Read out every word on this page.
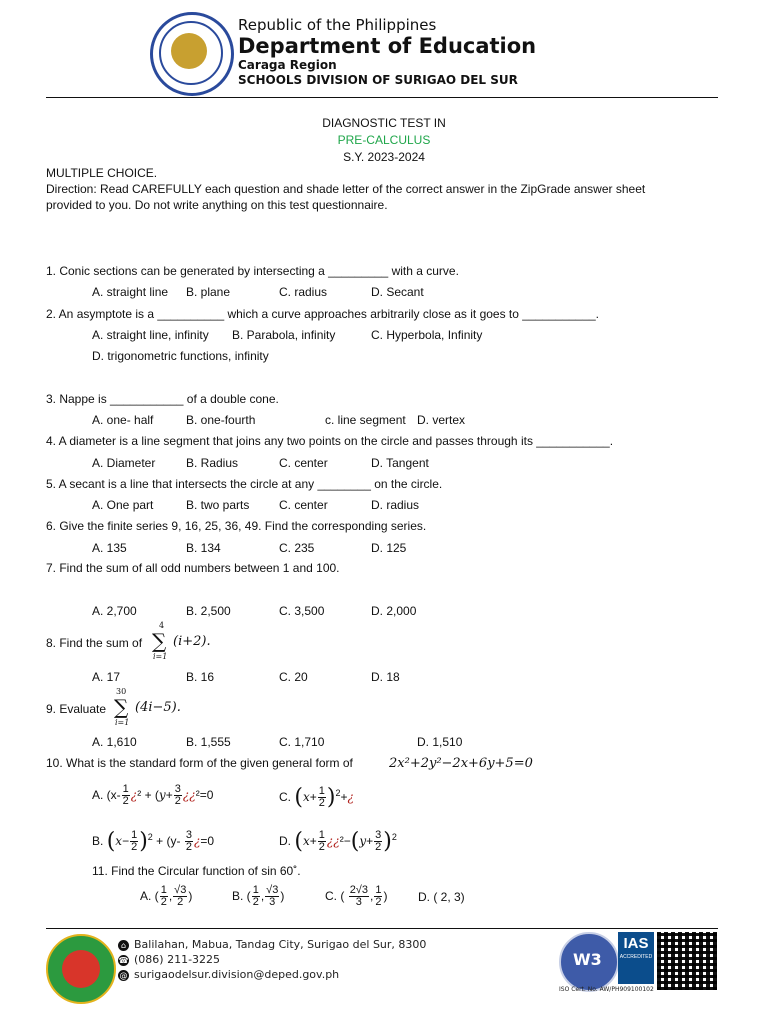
Republic of the Philippines
Department of Education
Caraga Region
SCHOOLS DIVISION OF SURIGAO DEL SUR
DIAGNOSTIC TEST IN
PRE-CALCULUS
S.Y. 2023-2024
MULTIPLE CHOICE.
Direction: Read CAREFULLY each question and shade letter of the correct answer in the ZipGrade answer sheet
provided to you. Do not write anything on this test questionnaire.
1. Conic sections can be generated by intersecting a _________ with a curve.
A. straight line B. plane	C. radius	D. Secant
2. An asymptote is a __________ which a curve approaches arbitrarily close as it goes to ___________.
A. straight line, infinity B. Parabola, infinity	C. Hyperbola, Infinity
D. trigonometric functions, infinity
3. Nappe is ___________ of a double cone.
A. one- half	B. one-fourth	c. line segment D. vertex
4. A diameter is a line segment that joins any two points on the circle and passes through its ___________.
A. Diameter	B. Radius	C. center	D. Tangent
5. A secant is a line that intersects the circle at any ________ on the circle.
A. One part	B. two parts C. center	D. radius
6. Give the finite series 9, 16, 25, 36, 49. Find the corresponding series.
A. 135	B. 134	C. 235	D. 125
7. Find the sum of all odd numbers between 1 and 100.
A. 2,700	B. 2,500	C. 3,500	D. 2,000
8. Find the sum of ∑
4
i=1
(i+2).
A. 17	B. 16	C. 20	D. 18
9. Evaluate ∑
30
i=1
(4i−5).
A. 1,610	B. 1,555	C. 1,710	D. 1,510
10. What is the standard form of the given general form of	2x²+2y²−2x+6y+5=0
A. ($x- \frac{1}{2}$ ¿$^2 + (y+ \frac{3}{2}$ ¿¿²=0	C. ($x+ \frac{1}{2}$ )$^2+¿$
B. $(x- \frac{1}{2} )^2 + (y- \frac{3}{2}$ ¿=0	D. ($x+ \frac{1}{2}$ ¿¿$^2-(y+ \frac{3}{2} )^2$
11. Find the Circular function of sin 60˚.
A. ( $\frac{1}{2}$ , $\frac{√3}{2}$ )	B. ( $\frac{1}{2}$ , $\frac{√3}{3}$ )	C. ( $\frac{2√3}{3}$ , $\frac{1}{2}$ )	D. ( 2, 3)
⌂ Balilahan, Mabua, Tandag City, Surigao del Sur, 8300
☎ (086) 211-3225
@ surigaodelsur.division@deped.gov.ph
W3
IAS
ACCREDITED
ISO Cert. No. AW/PH909100102
